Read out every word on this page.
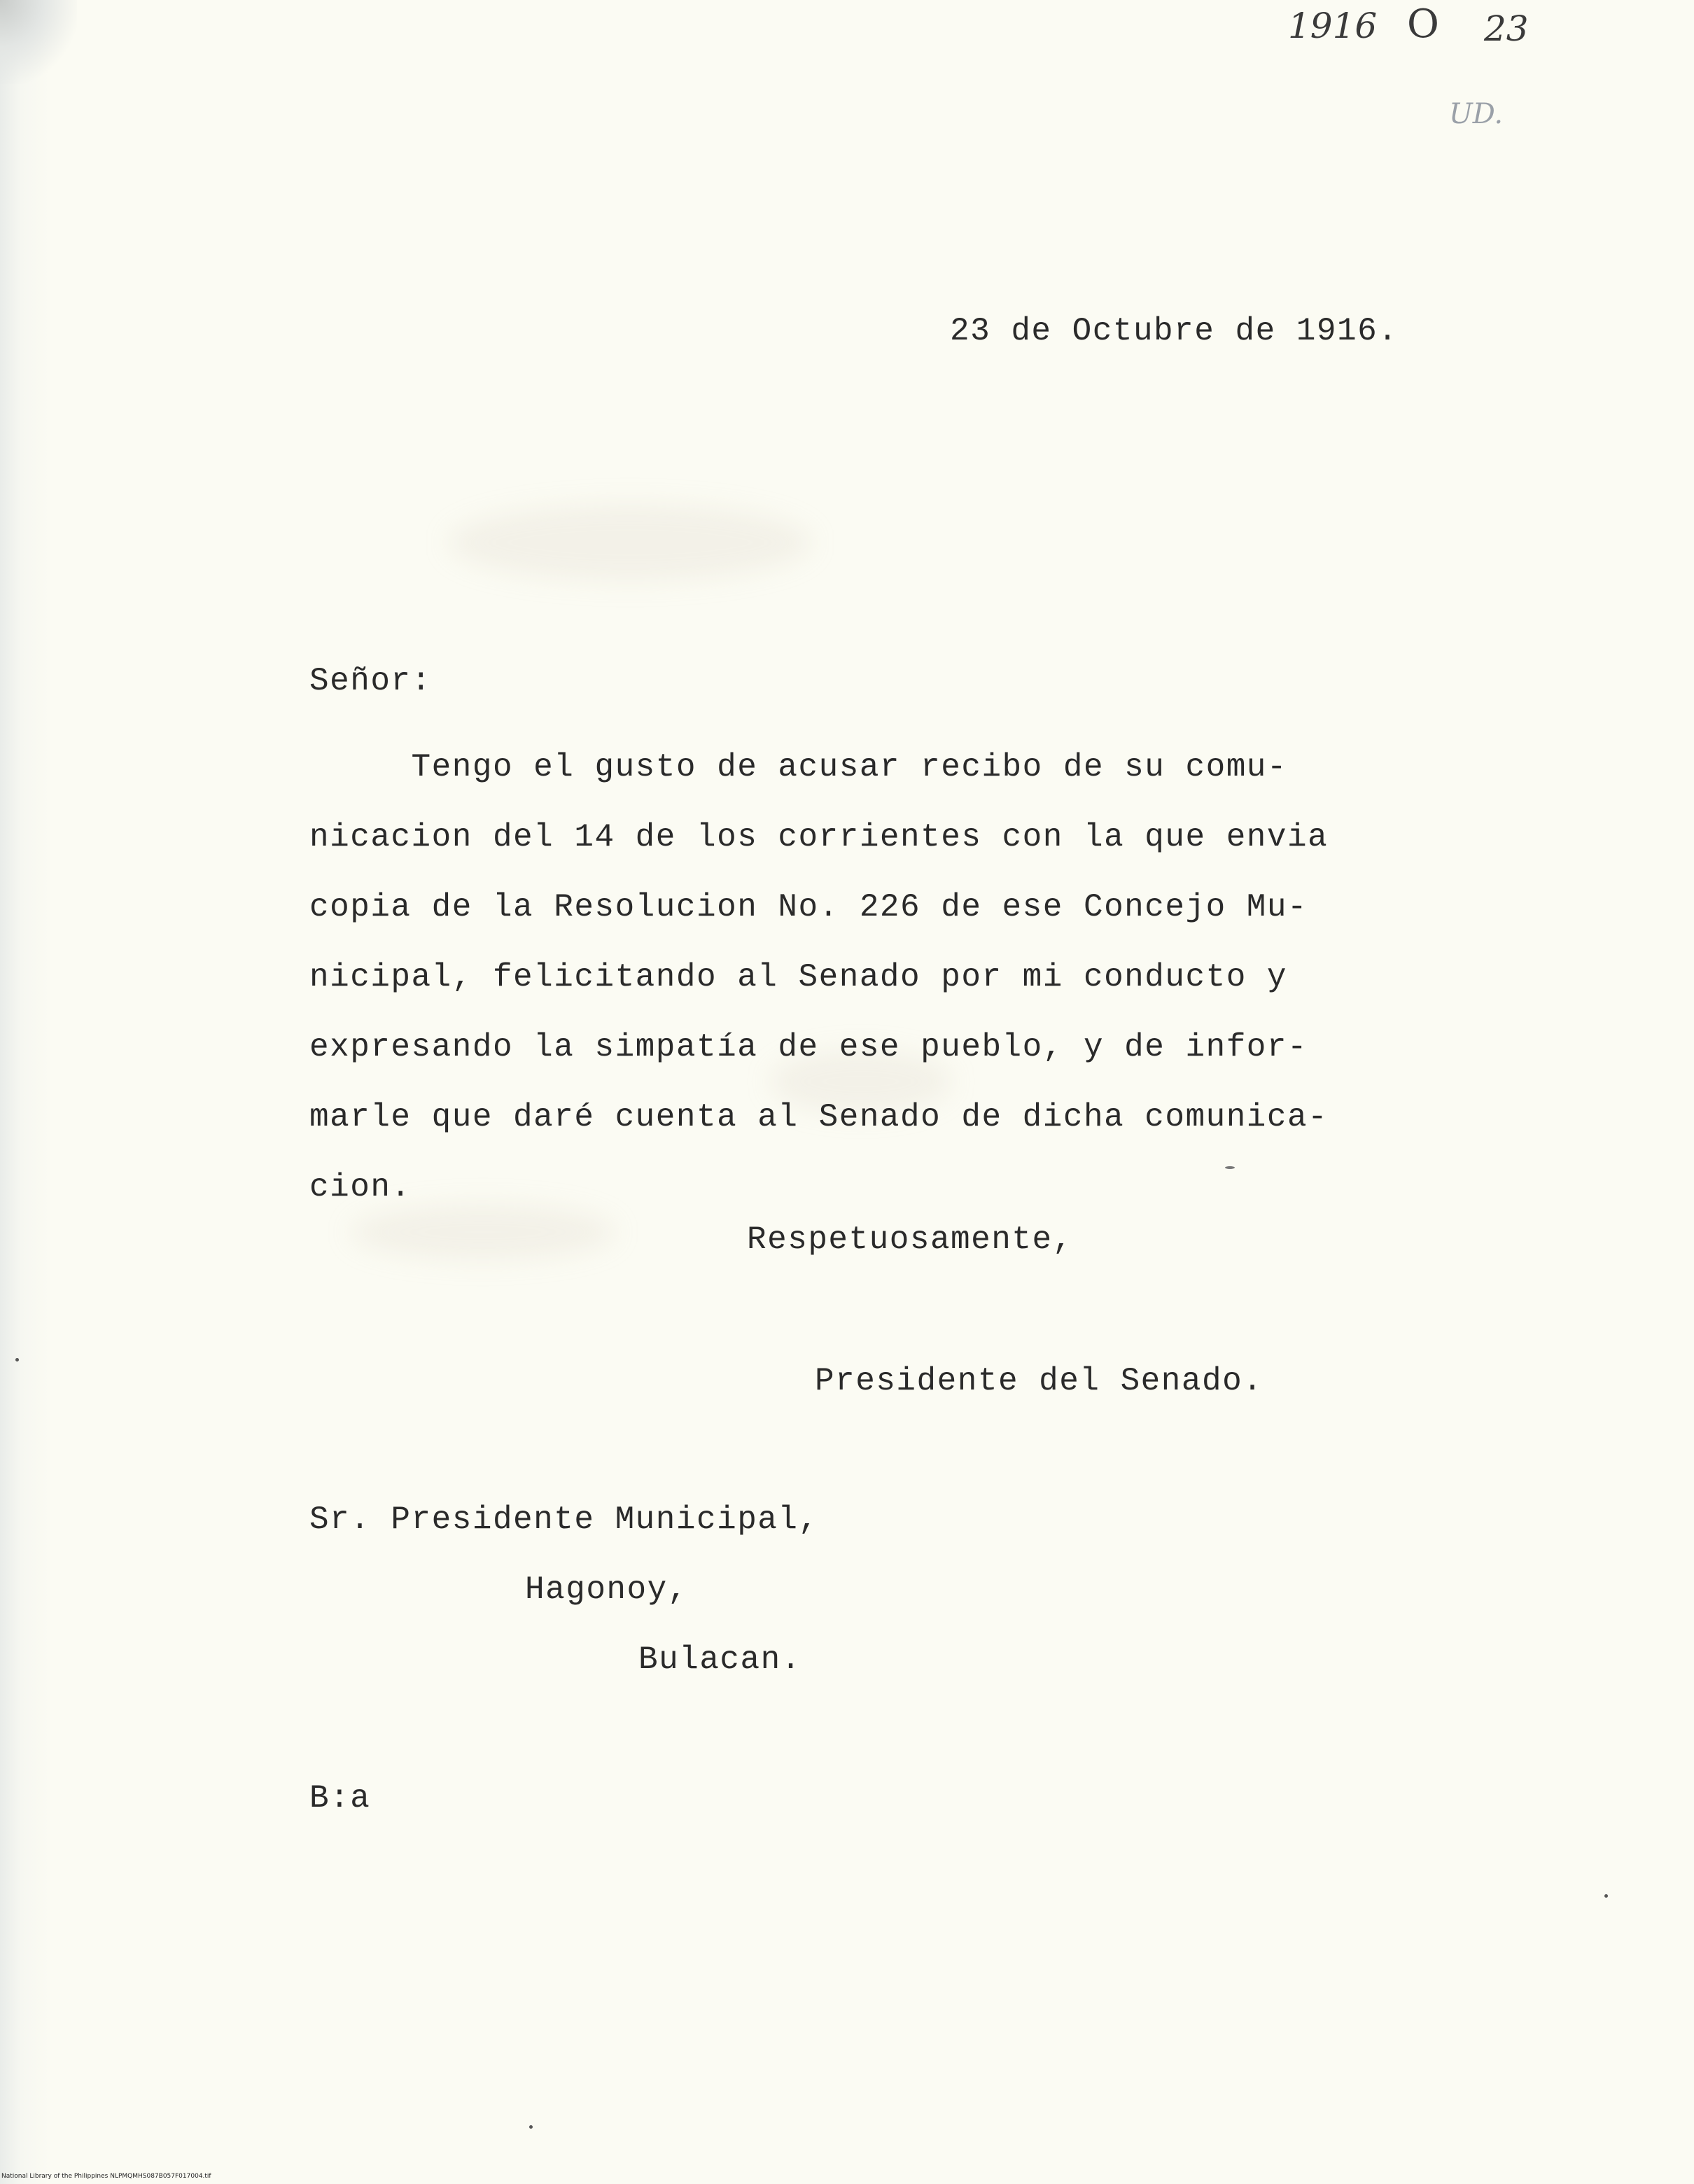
1916 O 23
UD.
23 de Octubre de 1916.
Señor:
Tengo el gusto de acusar recibo de su comu-
nicacion del 14 de los corrientes con la que envia
copia de la Resolucion No. 226 de ese Concejo Mu-
nicipal, felicitando al Senado por mi conducto y
expresando la simpatía de ese pueblo, y de infor-
marle que daré cuenta al Senado de dicha comunica-
cion.
Respetuosamente,
Presidente del Senado.
Sr. Presidente Municipal,
Hagonoy,
Bulacan.
B:a
National Library of the Philippines NLPMQMHS087B057F017004.tif
